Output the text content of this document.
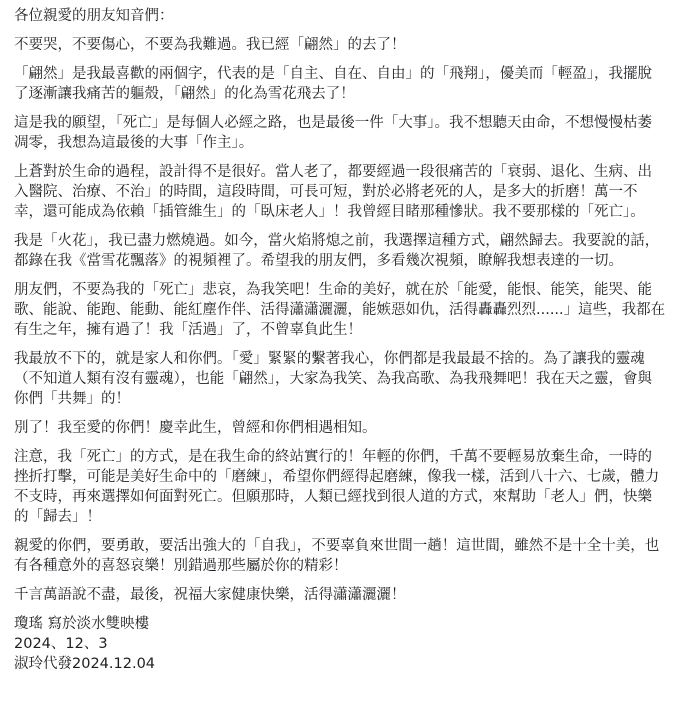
各位親愛的朋友知音們：

不要哭，不要傷心，不要為我難過。我已經「翩然」的去了！

「翩然」是我最喜歡的兩個字，代表的是「自主、自在、自由」的「飛翔」，優美而「輕盈」，我擺脫了逐漸讓我痛苦的軀殼，「翩然」的化為雪花飛去了！

這是我的願望，「死亡」是每個人必經之路，也是最後一件「大事」。我不想聽天由命，不想慢慢枯萎凋零，我想為這最後的大事「作主」。

上蒼對於生命的過程，設計得不是很好。當人老了，都要經過一段很痛苦的「衰弱、退化、生病、出入醫院、治療、不治」的時間，這段時間，可長可短，對於必將老死的人，是多大的折磨！萬一不幸，還可能成為依賴「插管維生」的「臥床老人」！我曾經目睹那種慘狀。我不要那樣的「死亡」。

我是「火花」，我已盡力燃燒過。如今，當火焰將熄之前，我選擇這種方式，翩然歸去。我要說的話，都錄在我《當雪花飄落》的視頻裡了。希望我的朋友們，多看幾次視頻，瞭解我想表達的一切。

朋友們，不要為我的「死亡」悲哀，為我笑吧！生命的美好，就在於「能愛，能恨、能笑，能哭、能歌、能說、能跑、能動、能紅塵作伴、活得瀟瀟灑灑，能嫉惡如仇，活得轟轟烈烈......」這些，我都在有生之年，擁有過了！我「活過」了，不曾辜負此生！

我最放不下的，就是家人和你們。「愛」緊緊的繫著我心，你們都是我最最不捨的。為了讓我的靈魂（不知道人類有沒有靈魂），也能「翩然」，大家為我笑、為我高歌、為我飛舞吧！我在天之靈，會與你們「共舞」的！

別了！我至愛的你們！慶幸此生，曾經和你們相遇相知。

注意，我「死亡」的方式，是在我生命的終站實行的！年輕的你們，千萬不要輕易放棄生命，一時的挫折打擊，可能是美好生命中的「磨練」，希望你們經得起磨練，像我一樣，活到八十六、七歲，體力不支時，再來選擇如何面對死亡。但願那時，人類已經找到很人道的方式，來幫助「老人」們，快樂的「歸去」！

親愛的你們，要勇敢，要活出強大的「自我」，不要辜負來世間一趟！這世間，雖然不是十全十美，也有各種意外的喜怒哀樂！別錯過那些屬於你的精彩！

千言萬語說不盡，最後，祝福大家健康快樂，活得瀟瀟灑灑！

瓊瑤 寫於淡水雙映樓

2024、12、3

淑玲代發2024.12.04
